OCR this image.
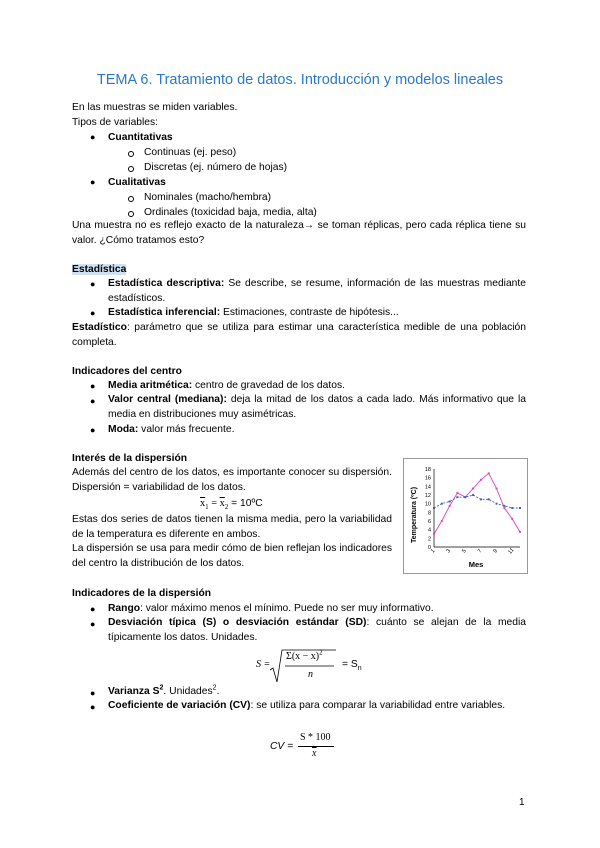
TEMA 6. Tratamiento de datos. Introducción y modelos lineales
En las muestras se miden variables.
Tipos de variables:
● Cuantitativas
Continuas (ej. peso)
Discretas (ej. número de hojas)
● Cualitativas
Nominales (macho/hembra)
Ordinales (toxicidad baja, media, alta)
Una muestra no es reflejo exacto de la naturaleza→ se toman réplicas, pero cada réplica tiene su valor. ¿Cómo tratamos esto?
Estadística
● Estadística descriptiva: Se describe, se resume, información de las muestras mediante estadísticos.
● Estadística inferencial: Estimaciones, contraste de hipótesis...
Estadístico: parámetro que se utiliza para estimar una característica medible de una población completa.
Indicadores del centro
● Media aritmética: centro de gravedad de los datos.
● Valor central (mediana): deja la mitad de los datos a cada lado. Más informativo que la media en distribuciones muy asimétricas.
● Moda: valor más frecuente.
Interés de la dispersión
Además del centro de los datos, es importante conocer su dispersión. Dispersión = variabilidad de los datos.
$\overline{x}_1 = \overline{x}_2$ = 10ºC
Estas dos series de datos tienen la misma media, pero la variabilidad de la temperatura es diferente en ambos.
La dispersión se usa para medir cómo de bien reflejan los indicadores del centro la distribución de los datos.
Temperatura (ºC)
Mes
0
2
4
6
8
10
12
14
16
18
1 3 5 7 9 11
Indicadores de la dispersión
● Rango: valor máximo menos el mínimo. Puede no ser muy informativo.
● Desviación típica (S) o desviación estándar (SD): cuánto se alejan de la media típicamente los datos. Unidades.
S =
$\Sigma(x - x)^2$
n
= $S_n$
● Varianza $S^2$. Unidades$^2$.
● Coeficiente de variación (CV): se utiliza para comparar la variabilidad entre variables.
CV =
S * 100
$\overline{x}$
1
